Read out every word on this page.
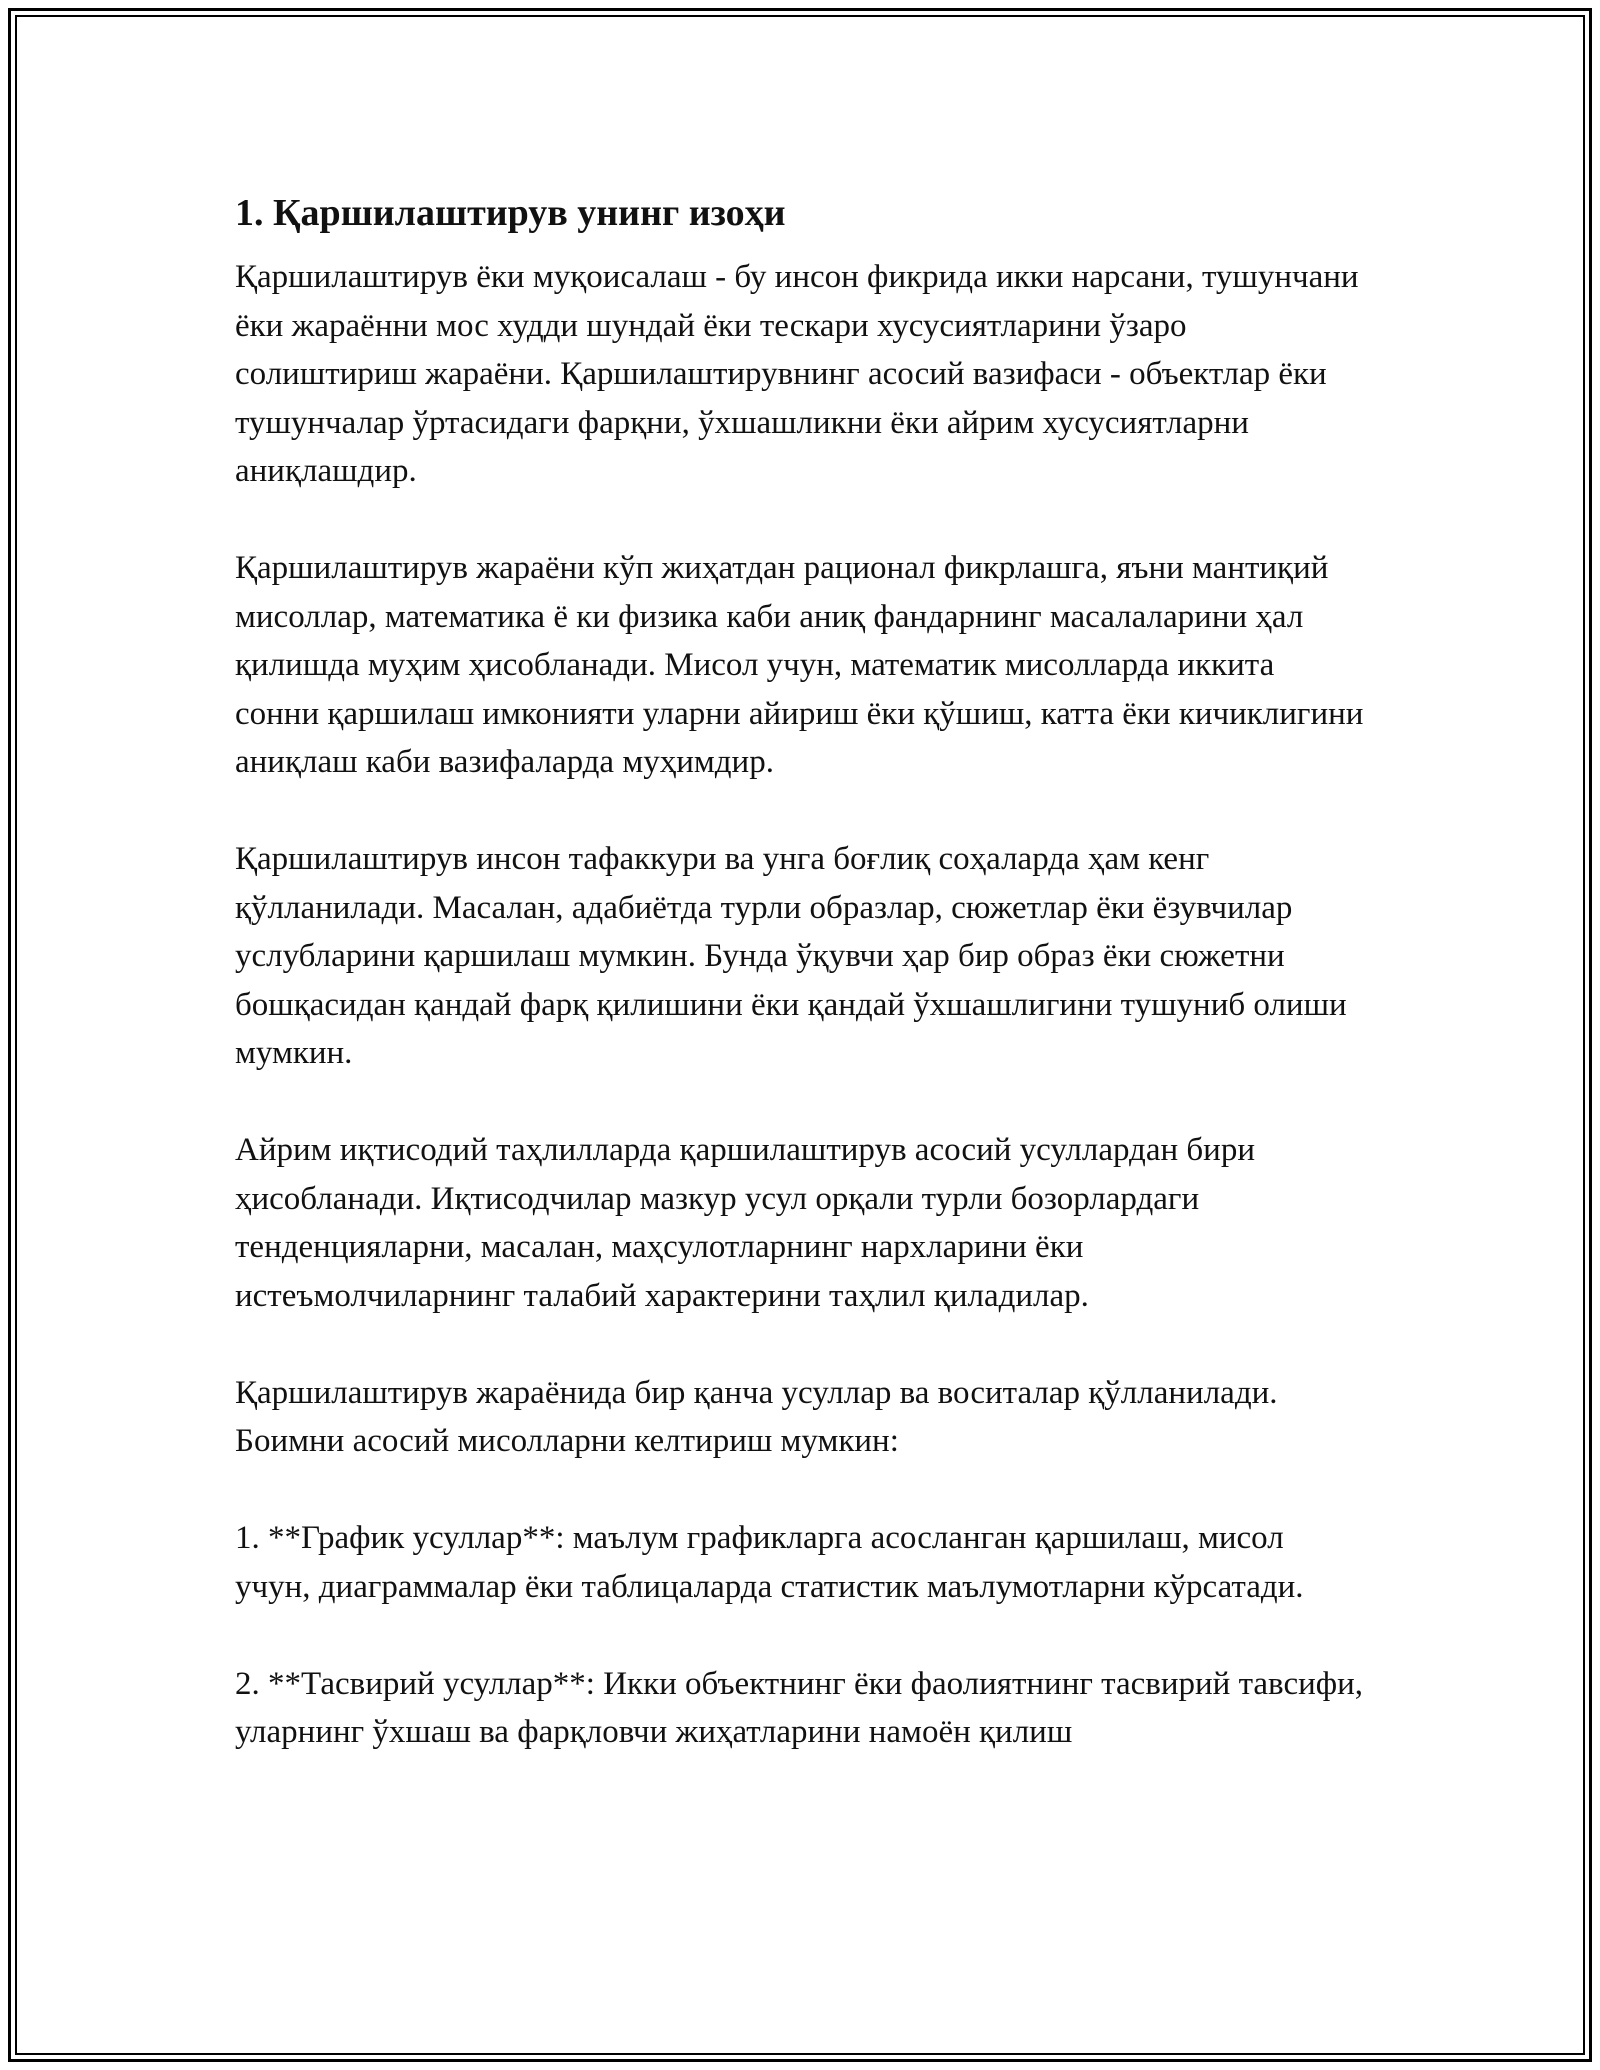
1. Қаршилаштирув унинг изоҳи

Қаршилаштирув ёки муқоисалаш - бу инсон фикрида икки нарсани, тушунчани ёки жараённи мос худди шундай ёки тескари хусусиятларини ўзаро солиштириш жараёни. Қаршилаштирувнинг асосий вазифаси - объектлар ёки тушунчалар ўртасидаги фарқни, ўхшашликни ёки айрим хусусиятларни аниқлашдир.

Қаршилаштирув жараёни кўп жиҳатдан рационал фикрлашга, яъни мантиқий мисоллар, математика ё ки физика каби аниқ фандарнинг масалаларини ҳал қилишда муҳим ҳисобланади. Мисол учун, математик мисолларда иккита сонни қаршилаш имконияти уларни айириш ёки қўшиш, катта ёки кичиклигини аниқлаш каби вазифаларда муҳимдир.

Қаршилаштирув инсон тафаккури ва унга боғлиқ соҳаларда ҳам кенг қўлланилади. Масалан, адабиётда турли образлар, сюжетлар ёки ёзувчилар услубларини қаршилаш мумкин. Бунда ўқувчи ҳар бир образ ёки сюжетни бошқасидан қандай фарқ қилишини ёки қандай ўхшашлигини тушуниб олиши мумкин.

Айрим иқтисодий таҳлилларда қаршилаштирув асосий усуллардан бири ҳисобланади. Иқтисодчилар мазкур усул орқали турли бозорлардаги тенденцияларни, масалан, маҳсулотларнинг нархларини ёки истеъмолчиларнинг талабий характерини таҳлил қиладилар.

Қаршилаштирув жараёнида бир қанча усуллар ва воситалар қўлланилади. Боимни асосий мисолларни келтириш мумкин:

1. **График усуллар**: маълум графикларга асосланган қаршилаш, мисол учун, диаграммалар ёки таблицаларда статистик маълумотларни кўрсатади.

2. **Тасвирий усуллар**: Икки объектнинг ёки фаолиятнинг тасвирий тавсифи, уларнинг ўхшаш ва фарқловчи жиҳатларини намоён қилиш
